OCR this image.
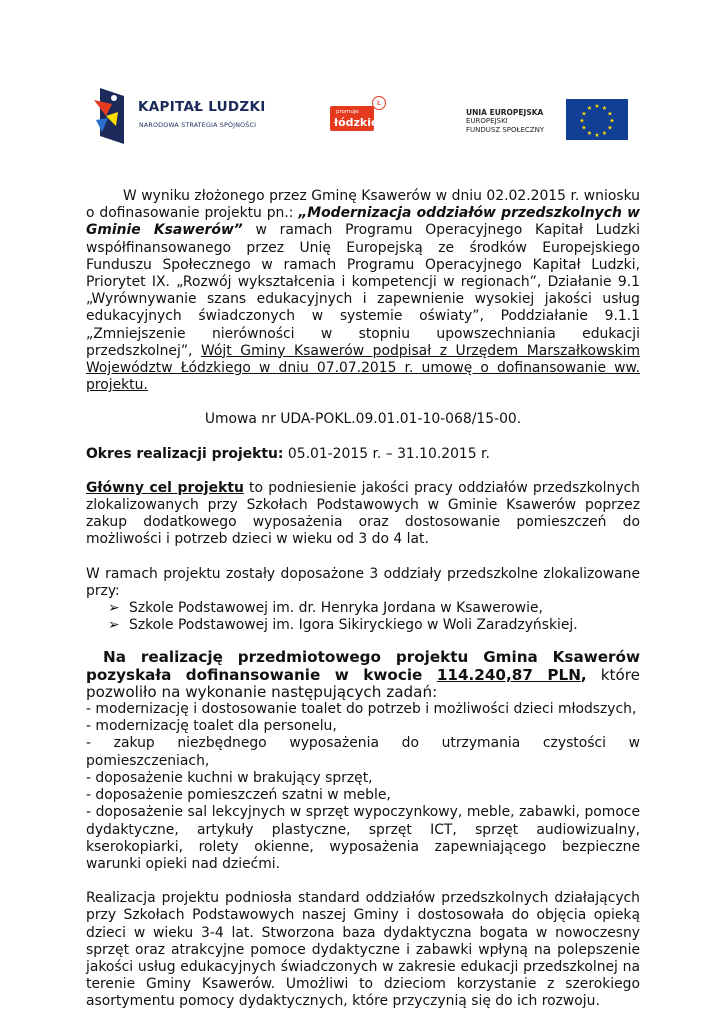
KAPITAŁ LUDZKI
NARODOWA STRATEGIA SPÓJNOŚCI
promuje
łódzkie
Ł
UNIA EUROPEJSKA
EUROPEJSKI
FUNDUSZ SPOŁECZNY
★ ★
★
★
★
★
★
★
★
★
★
★

W wyniku złożonego przez Gminę Ksawerów w dniu 02.02.2015 r. wniosku o dofinasowanie projektu pn.: „Modernizacja oddziałów przedszkolnych w Gminie Ksawerów” w ramach Programu Operacyjnego Kapitał Ludzki współfinansowanego przez Unię Europejską ze środków Europejskiego Funduszu Społecznego w ramach Programu Operacyjnego Kapitał Ludzki, Priorytet IX. „Rozwój wykształcenia i kompetencji w regionach”, Działanie 9.1 „Wyrównywanie szans edukacyjnych i zapewnienie wysokiej jakości usług edukacyjnych świadczonych w systemie oświaty”, Poddziałanie 9.1.1 „Zmniejszenie nierówności w stopniu upowszechniania edukacji przedszkolnej”, Wójt Gminy Ksawerów podpisał z Urzędem Marszałkowskim Województw Łódzkiego w dniu 07.07.2015 r. umowę o dofinansowanie ww. projektu.

Umowa nr UDA-POKL.09.01.01-10-068/15-00.

Okres realizacji projektu: 05.01-2015 r. – 31.10.2015 r.

Główny cel projektu to podniesienie jakości pracy oddziałów przedszkolnych zlokalizowanych przy Szkołach Podstawowych w Gminie Ksawerów poprzez zakup dodatkowego wyposażenia oraz dostosowanie pomieszczeń do możliwości i potrzeb dzieci w wieku od 3 do 4 lat.

W ramach projektu zostały doposażone 3 oddziały przedszkolne zlokalizowane przy:

➢ Szkole Podstawowej im. dr. Henryka Jordana w Ksawerowie,
➢ Szkole Podstawowej im. Igora Sikiryckiego w Woli Zaradzyńskiej.

Na realizację przedmiotowego projektu Gmina Ksawerów pozyskała dofinansowanie w kwocie 114.240,87 PLN, które pozwoliło na wykonanie następujących zadań:

- modernizację i dostosowanie toalet do potrzeb i możliwości dzieci młodszych,

- modernizację toalet dla personelu,

- zakup niezbędnego wyposażenia do utrzymania czystości w pomieszczeniach,

- doposażenie kuchni w brakujący sprzęt,

- doposażenie pomieszczeń szatni w meble,

- doposażenie sal lekcyjnych w sprzęt wypoczynkowy, meble, zabawki, pomoce dydaktyczne, artykuły plastyczne, sprzęt ICT, sprzęt audiowizualny, kserokopiarki, rolety okienne, wyposażenia zapewniającego bezpieczne warunki opieki nad dziećmi.

Realizacja projektu podniosła standard oddziałów przedszkolnych działających przy Szkołach Podstawowych naszej Gminy i dostosowała do objęcia opieką dzieci w wieku 3-4 lat. Stworzona baza dydaktyczna bogata w nowoczesny sprzęt oraz atrakcyjne pomoce dydaktyczne i zabawki wpłyną na polepszenie jakości usług edukacyjnych świadczonych w zakresie edukacji przedszkolnej na terenie Gminy Ksawerów. Umożliwi to dzieciom korzystanie z szerokiego asortymentu pomocy dydaktycznych, które przyczynią się do ich rozwoju.
